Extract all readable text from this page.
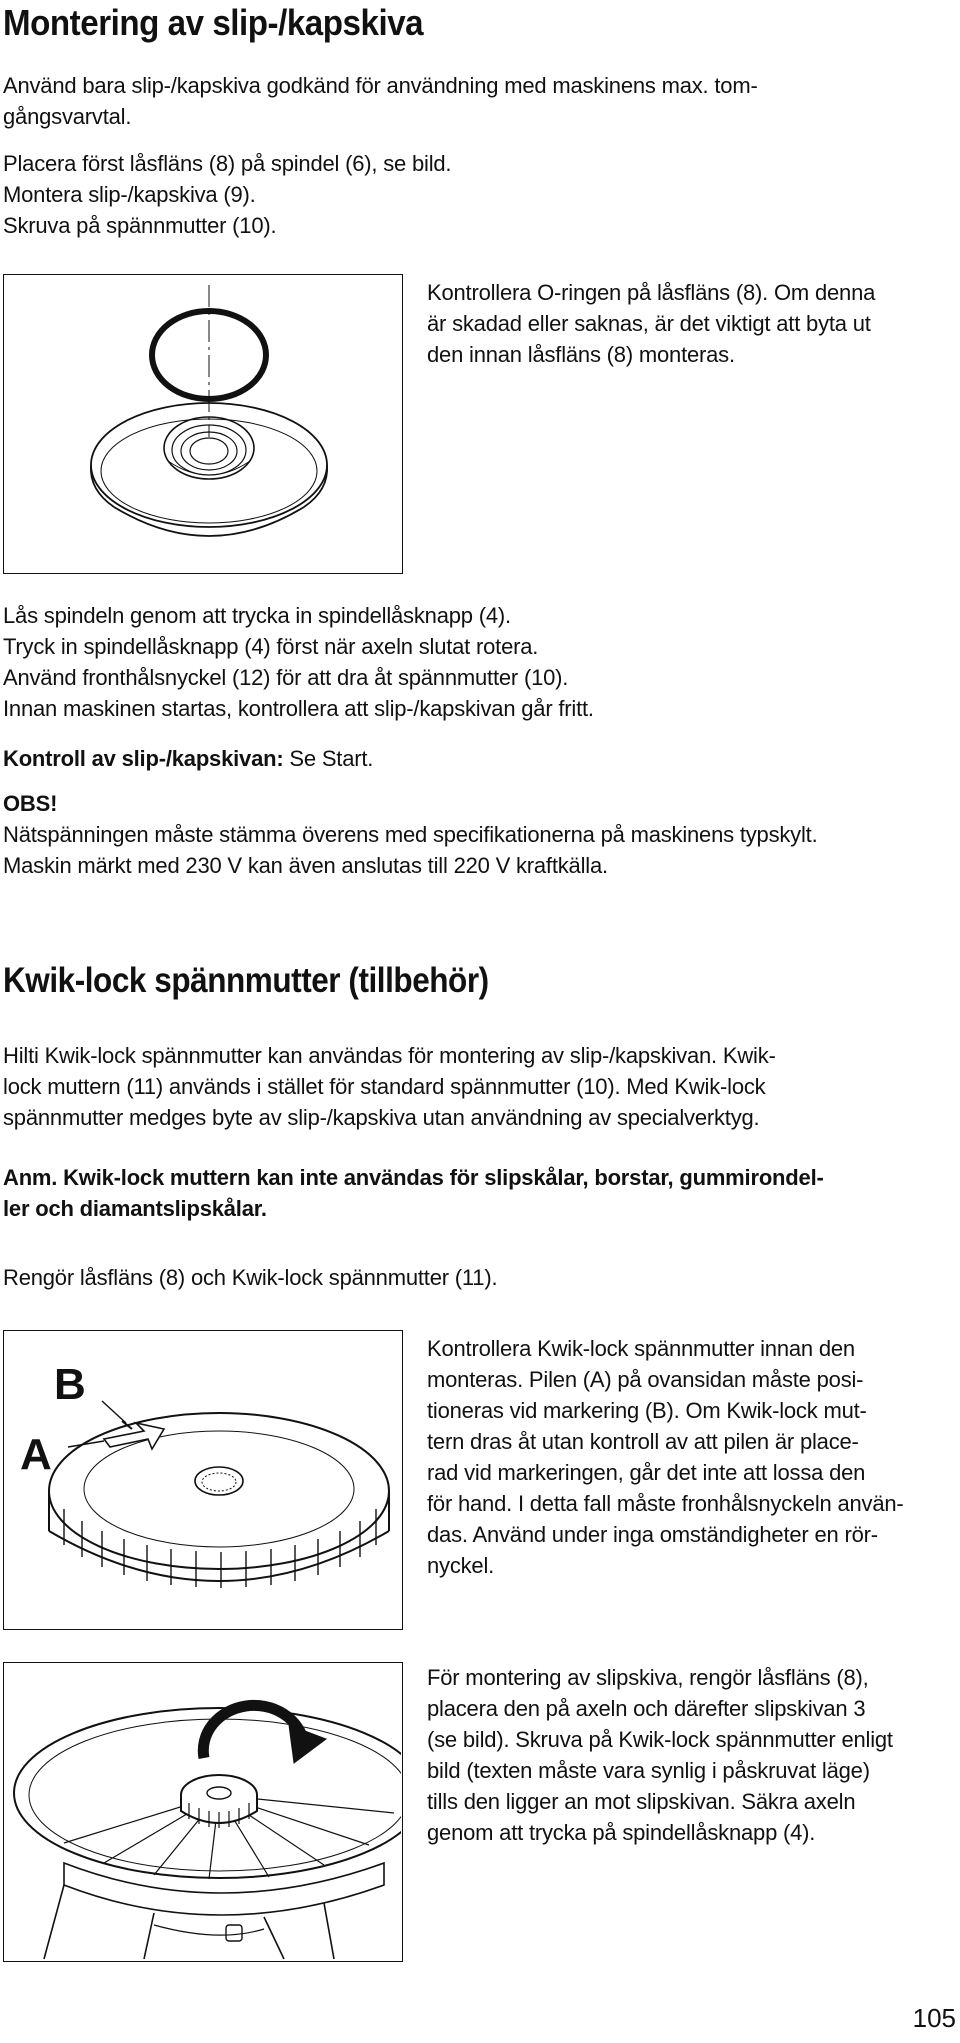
Montering av slip-/kapskiva
Använd bara slip-/kapskiva godkänd för användning med maskinens max. tom-
gångsvarvtal.
Placera först låsfläns (8) på spindel (6), se bild.
Montera slip-/kapskiva (9).
Skruva på spännmutter (10).
Kontrollera O-ringen på låsfläns (8). Om denna
är skadad eller saknas, är det viktigt att byta ut
den innan låsfläns (8) monteras.
Lås spindeln genom att trycka in spindellåsknapp (4).
Tryck in spindellåsknapp (4) först när axeln slutat rotera.
Använd fronthålsnyckel (12) för att dra åt spännmutter (10).
Innan maskinen startas, kontrollera att slip-/kapskivan går fritt.
Kontroll av slip-/kapskivan: Se Start.
OBS!
Nätspänningen måste stämma överens med specifikationerna på maskinens typskylt.
Maskin märkt med 230 V kan även anslutas till 220 V kraftkälla.
Kwik-lock spännmutter (tillbehör)
Hilti Kwik-lock spännmutter kan användas för montering av slip-/kapskivan. Kwik-
lock muttern (11) används i stället för standard spännmutter (10). Med Kwik-lock
spännmutter medges byte av slip-/kapskiva utan användning av specialverktyg.
Anm. Kwik-lock muttern kan inte användas för slipskålar, borstar, gummirondel-
ler och diamantslipskålar.
Rengör låsfläns (8) och Kwik-lock spännmutter (11).
A
B
Kontrollera Kwik-lock spännmutter innan den
monteras. Pilen (A) på ovansidan måste posi-
tioneras vid markering (B). Om Kwik-lock mut-
tern dras åt utan kontroll av att pilen är place-
rad vid markeringen, går det inte att lossa den
för hand. I detta fall måste fronhålsnyckeln använ-
das. Använd under inga omständigheter en rör-
nyckel.
För montering av slipskiva, rengör låsfläns (8),
placera den på axeln och därefter slipskivan 3
(se bild). Skruva på Kwik-lock spännmutter enligt
bild (texten måste vara synlig i påskruvat läge)
tills den ligger an mot slipskivan. Säkra axeln
genom att trycka på spindellåsknapp (4).
105
